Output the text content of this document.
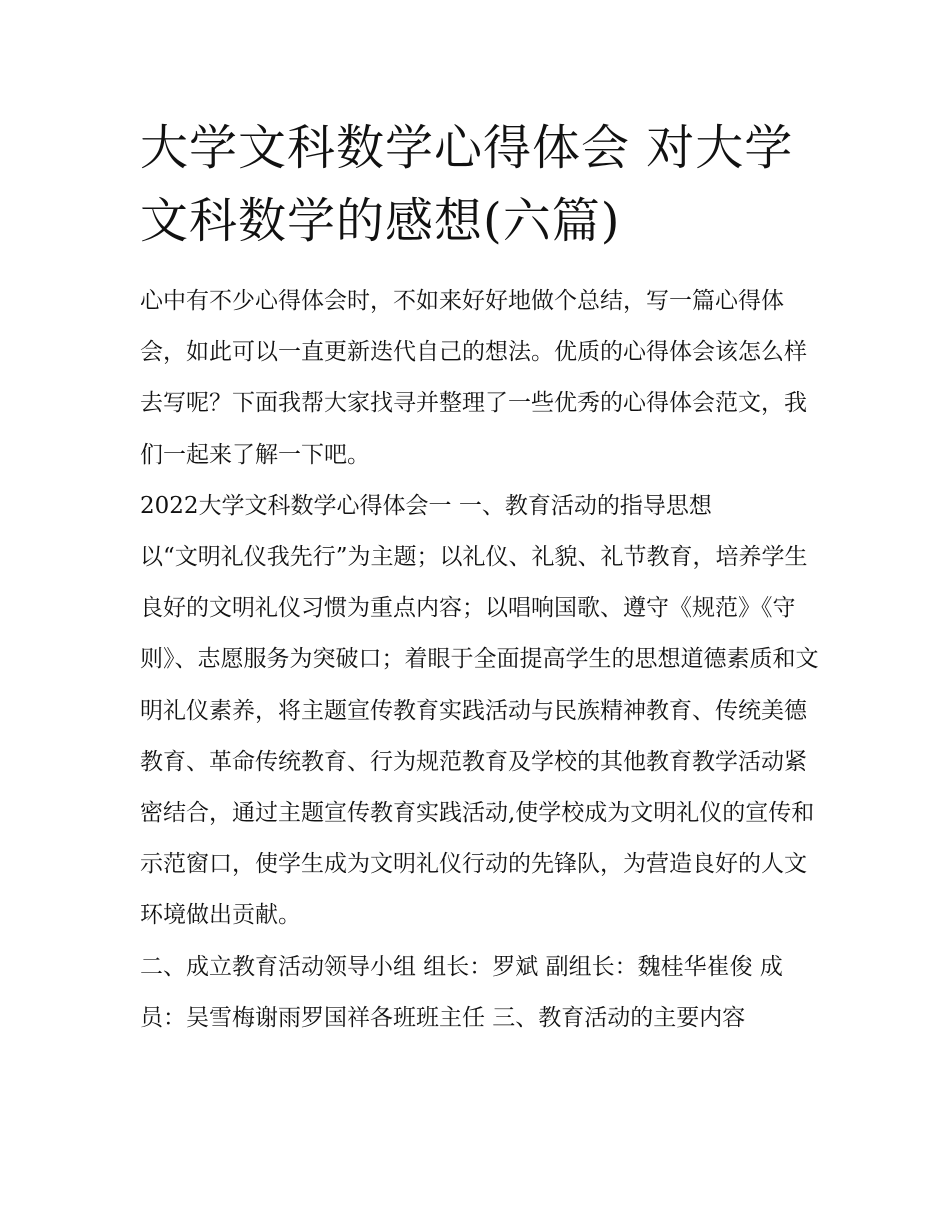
大学文科数学心得体会 对大学文科数学的感想(六篇)

心中有不少心得体会时，不如来好好地做个总结，写一篇心得体会，如此可以一直更新迭代自己的想法。优质的心得体会该怎么样去写呢？下面我帮大家找寻并整理了一些优秀的心得体会范文，我们一起来了解一下吧。

2022大学文科数学心得体会一 一、教育活动的指导思想

以“文明礼仪我先行”为主题；以礼仪、礼貌、礼节教育，培养学生良好的文明礼仪习惯为重点内容；以唱响国歌、遵守《规范》《守则》、志愿服务为突破口；着眼于全面提高学生的思想道德素质和文明礼仪素养，将主题宣传教育实践活动与民族精神教育、传统美德教育、革命传统教育、行为规范教育及学校的其他教育教学活动紧密结合，通过主题宣传教育实践活动,使学校成为文明礼仪的宣传和示范窗口，使学生成为文明礼仪行动的先锋队，为营造良好的人文环境做出贡献。

二、成立教育活动领导小组 组长：罗斌 副组长：魏桂华崔俊 成员：吴雪梅谢雨罗国祥各班班主任 三、教育活动的主要内容
